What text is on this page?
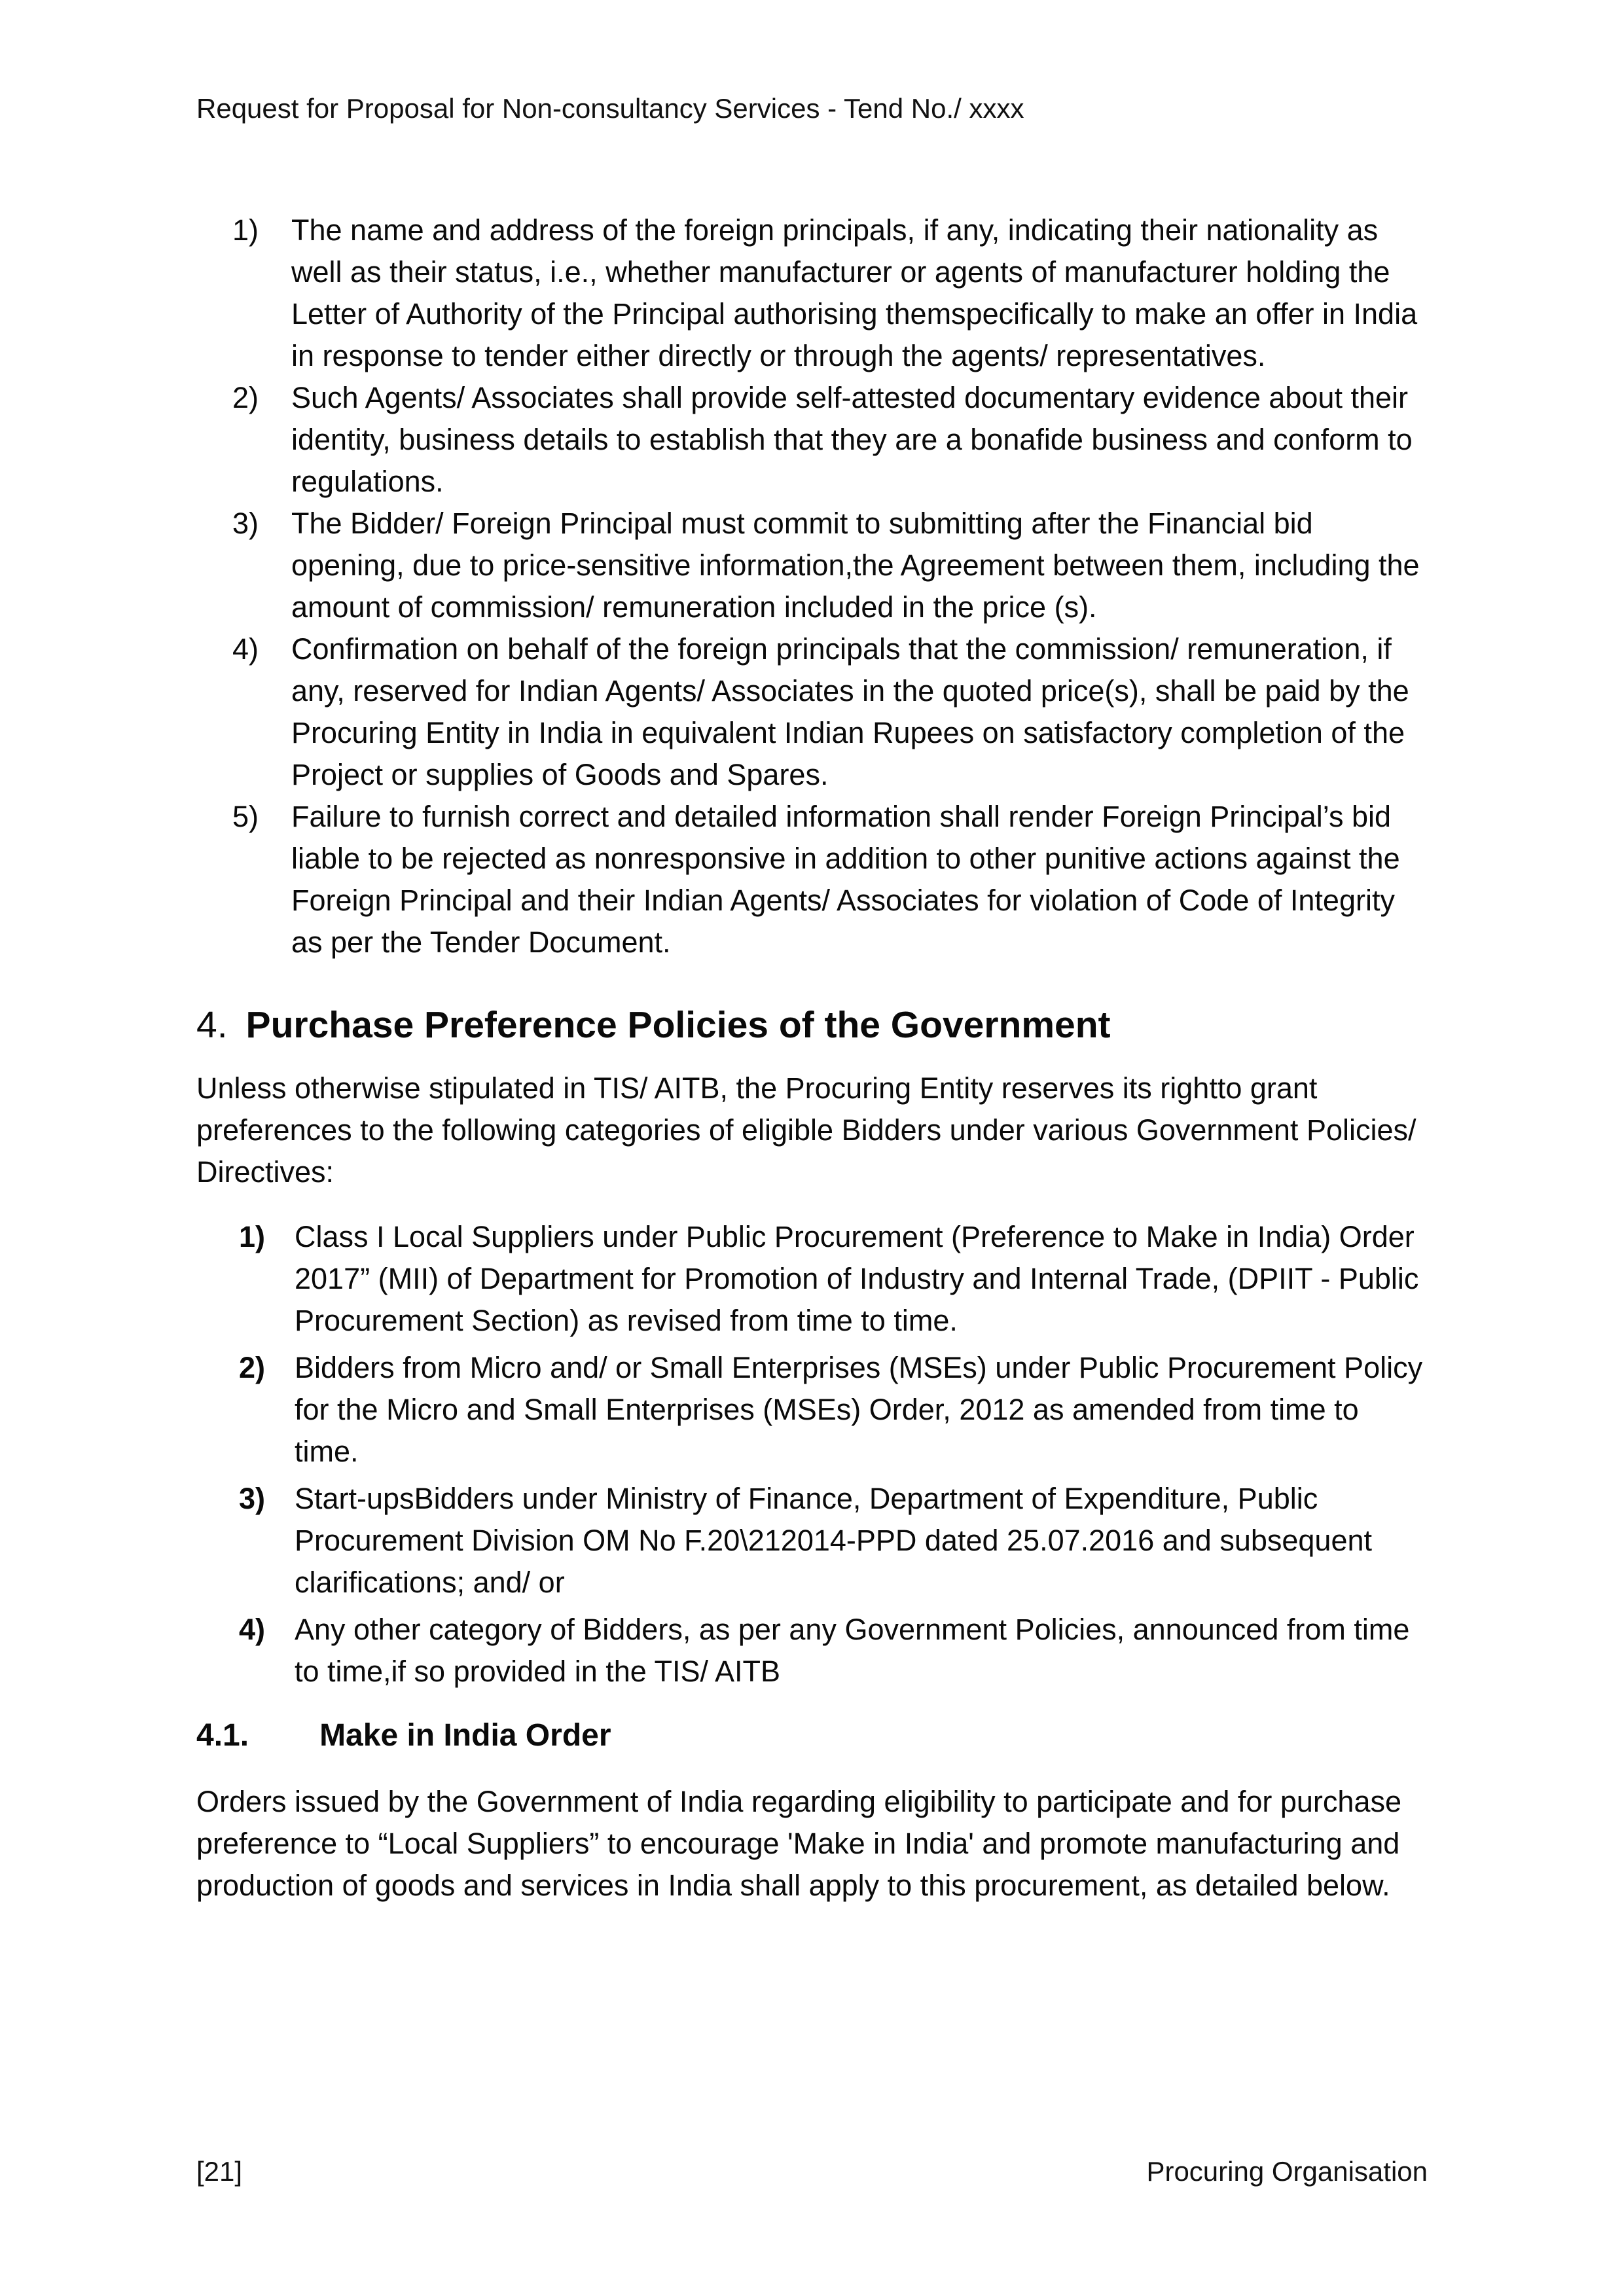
Request for Proposal for Non-consultancy Services - Tend No./ xxxx
1)	The name and address of the foreign principals, if any, indicating their nationality as well as their status, i.e., whether manufacturer or agents of manufacturer holding the Letter of Authority of the Principal authorising themspecifically to make an offer in India in response to tender either directly or through the agents/ representatives.
2)	Such Agents/ Associates shall provide self-attested documentary evidence about their identity, business details to establish that they are a bonafide business and conform to regulations.
3)	The Bidder/ Foreign Principal must commit to submitting after the Financial bid opening, due to price-sensitive information,the Agreement between them, including the amount of commission/ remuneration included in the price (s).
4)	Confirmation on behalf of the foreign principals that the commission/ remuneration, if any, reserved for Indian Agents/ Associates in the quoted price(s), shall be paid by the Procuring Entity in India in equivalent Indian Rupees on satisfactory completion of the Project or supplies of Goods and Spares.
5)	Failure to furnish correct and detailed information shall render Foreign Principal’s bid liable to be rejected as nonresponsive in addition to other punitive actions against the Foreign Principal and their Indian Agents/ Associates for violation of Code of Integrity as per the Tender Document.
4. Purchase Preference Policies of the Government
Unless otherwise stipulated in TIS/ AITB, the Procuring Entity reserves its rightto grant preferences to the following categories of eligible Bidders under various Government Policies/ Directives:
1) Class I Local Suppliers under Public Procurement (Preference to Make in India) Order 2017” (MII) of Department for Promotion of Industry and Internal Trade, (DPIIT - Public Procurement Section) as revised from time to time.
2) Bidders from Micro and/ or Small Enterprises (MSEs) under Public Procurement Policy for the Micro and Small Enterprises (MSEs) Order, 2012 as amended from time to time.
3) Start-upsBidders under Ministry of Finance, Department of Expenditure, Public Procurement Division OM No F.20\212014-PPD dated 25.07.2016 and subsequent clarifications; and/ or
4) Any other category of Bidders, as per any Government Policies, announced from time to time,if so provided in the TIS/ AITB
4.1. Make in India Order
Orders issued by the Government of India regarding eligibility to participate and for purchase preference to “Local Suppliers” to encourage 'Make in India' and promote manufacturing and production of goods and services in India shall apply to this procurement, as detailed below.
[21]	Procuring Organisation
